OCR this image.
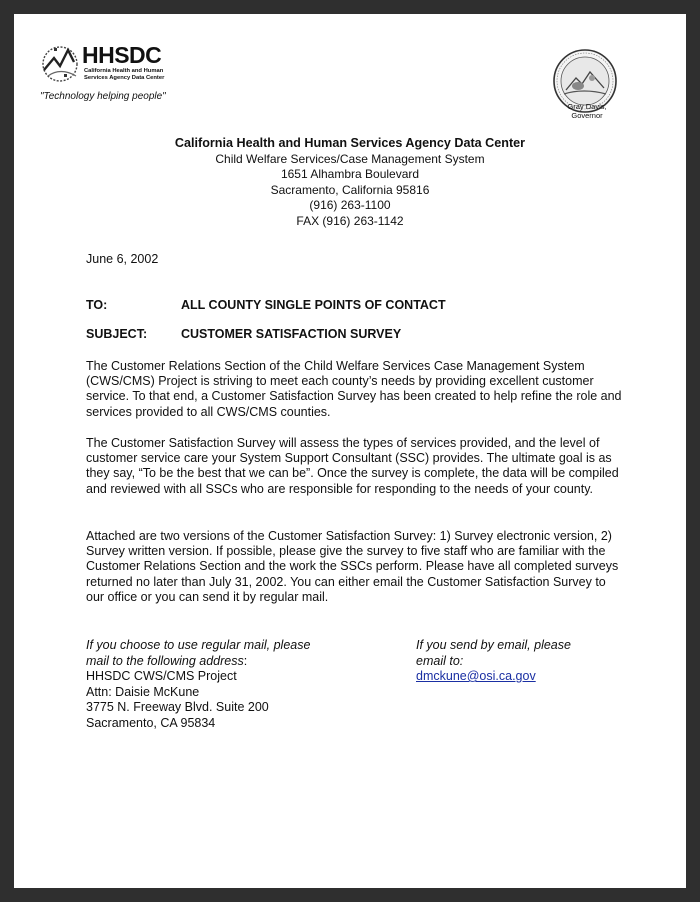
HHSDC
California Health and Human
Services Agency Data Center
"Technology helping people"
Gray Davis,
Governor
California Health and Human Services Agency Data Center
Child Welfare Services/Case Management System
1651 Alhambra Boulevard
Sacramento, California 95816
(916) 263-1100
FAX (916) 263-1142
June 6, 2002
TO:	ALL COUNTY SINGLE POINTS OF CONTACT
SUBJECT:	CUSTOMER SATISFACTION SURVEY

The Customer Relations Section of the Child Welfare Services Case Management System (CWS/CMS) Project is striving to meet each county’s needs by providing excellent customer service. To that end, a Customer Satisfaction Survey has been created to help refine the role and services provided to all CWS/CMS counties.

The Customer Satisfaction Survey will assess the types of services provided, and the level of customer service care your System Support Consultant (SSC) provides. The ultimate goal is as they say, “To be the best that we can be”. Once the survey is complete, the data will be compiled and reviewed with all SSCs who are responsible for responding to the needs of your county.

Attached are two versions of the Customer Satisfaction Survey: 1) Survey electronic version, 2) Survey written version. If possible, please give the survey to five staff who are familiar with the Customer Relations Section and the work the SSCs perform. Please have all completed surveys returned no later than July 31, 2002. You can either email the Customer Satisfaction Survey to our office or you can send it by regular mail.

If you choose to use regular mail, please
mail to the following address:
HHSDC CWS/CMS Project
Attn: Daisie McKune
3775 N. Freeway Blvd. Suite 200
Sacramento, CA 95834
If you send by email, please
email to:
dmckune@osi.ca.gov
